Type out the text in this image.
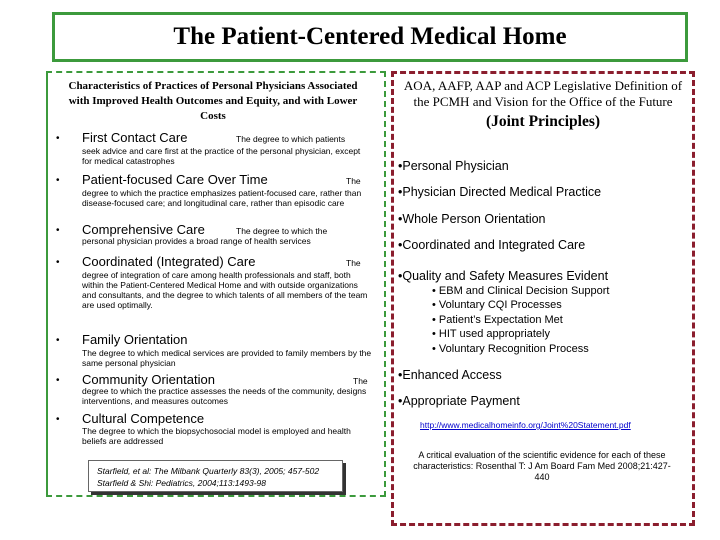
The Patient-Centered Medical Home
Characteristics of Practices of Personal Physicians Associated with Improved Health Outcomes and Equity, and with Lower Costs
• First Contact Care	The degree to which patients
seek advice and care first at the practice of the personal physician, except for medical catastrophes
• Patient-focused Care Over Time	The
degree to which the practice emphasizes patient-focused care, rather than disease-focused care; and longitudinal care, rather than episodic care
• Comprehensive Care	The degree to which the
personal physician provides a broad range of health services
• Coordinated (Integrated) Care	The
degree of integration of care among health professionals and staff, both within the Patient-Centered Medical Home and with outside organizations and consultants, and the degree to which talents of all members of the team are used optimally.
• Family Orientation
The degree to which medical services are provided to family members by the same personal physician
• Community Orientation	The
degree to which the practice assesses the needs of the community, designs interventions, and measures outcomes
• Cultural Competence
The degree to which the biopsychosocial model is employed and health beliefs are addressed
Starfield, et al: The Milbank Quarterly 83(3), 2005; 457-502
Starfield & Shi: Pediatrics, 2004;113:1493-98
AOA, AAFP, AAP and ACP Legislative Definition of the PCMH and Vision for the Office of the Future
(Joint Principles)
•Personal Physician
•Physician Directed Medical Practice
•Whole Person Orientation
•Coordinated and Integrated Care
•Quality and Safety Measures Evident
• EBM and Clinical Decision Support
• Voluntary CQI Processes
• Patient’s Expectation Met
• HIT used appropriately
• Voluntary Recognition Process
•Enhanced Access
•Appropriate Payment
http://www.medicalhomeinfo.org/Joint%20Statement.pdf
A critical evaluation of the scientific evidence for each of these characteristics: Rosenthal T: J Am Board Fam Med 2008;21:427-440
